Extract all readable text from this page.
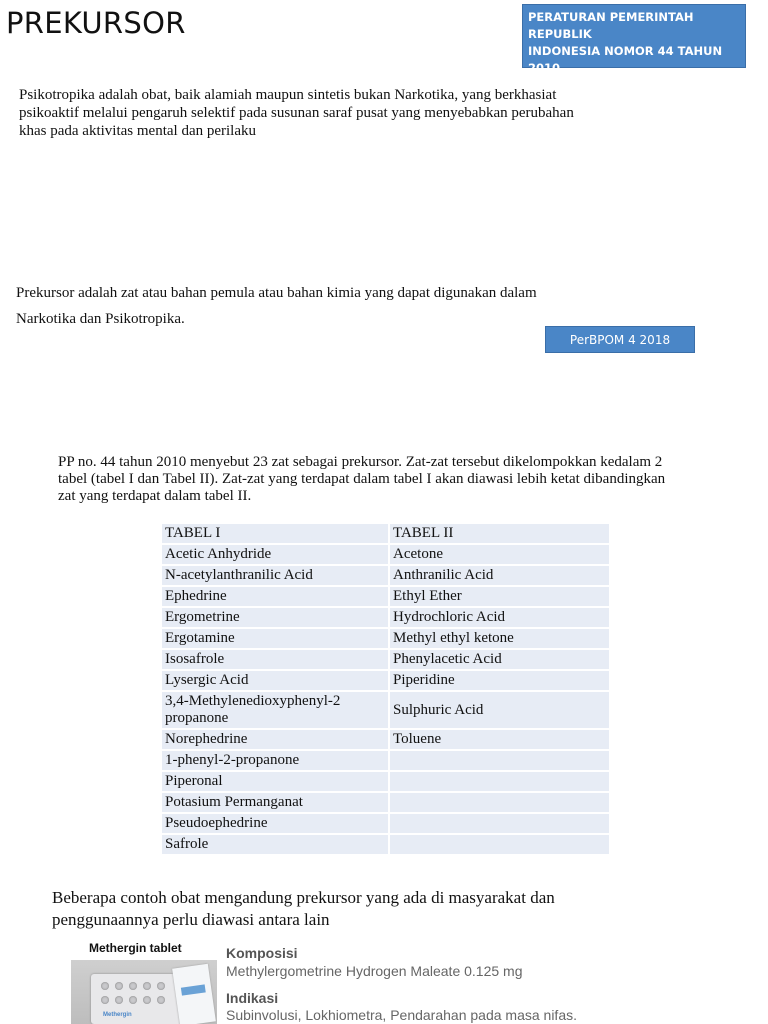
PREKURSOR	PERATURAN PEMERINTAH REPUBLIK
INDONESIA NOMOR 44 TAHUN 2010
TENTANG PREKURSOR
Psikotropika adalah obat, baik alamiah maupun sintetis bukan Narkotika, yang berkhasiat
psikoaktif melalui pengaruh selektif pada susunan saraf pusat yang menyebabkan perubahan
khas pada aktivitas mental dan perilaku
Prekursor adalah zat atau bahan pemula atau bahan kimia yang dapat digunakan dalam
Narkotika dan Psikotropika.
PerBPOM 4 2018
PP no. 44 tahun 2010 menyebut 23 zat sebagai prekursor. Zat-zat tersebut dikelompokkan kedalam 2
tabel (tabel I dan Tabel II). Zat-zat yang terdapat dalam tabel I akan diawasi lebih ketat dibandingkan
zat yang terdapat dalam tabel II.
TABEL I	TABEL II
Acetic Anhydride	Acetone
N-acetylanthranilic Acid	Anthranilic Acid
Ephedrine	Ethyl Ether
Ergometrine	Hydrochloric Acid
Ergotamine	Methyl ethyl ketone
Isosafrole	Phenylacetic Acid
Lysergic Acid	Piperidine
3,4-Methylenedioxyphenyl-2 propanone	Sulphuric Acid
Norephedrine	Toluene
1-phenyl-2-propanone	
Piperonal	
Potasium Permanganat	
Pseudoephedrine	
Safrole	
Beberapa contoh obat mengandung prekursor yang ada di masyarakat dan
penggunaannya perlu diawasi antara lain
Methergin tablet
Methergin
Komposisi
Methylergometrine Hydrogen Maleate 0.125 mg
Indikasi
Subinvolusi, Lokhiometra, Pendarahan pada masa nifas.
